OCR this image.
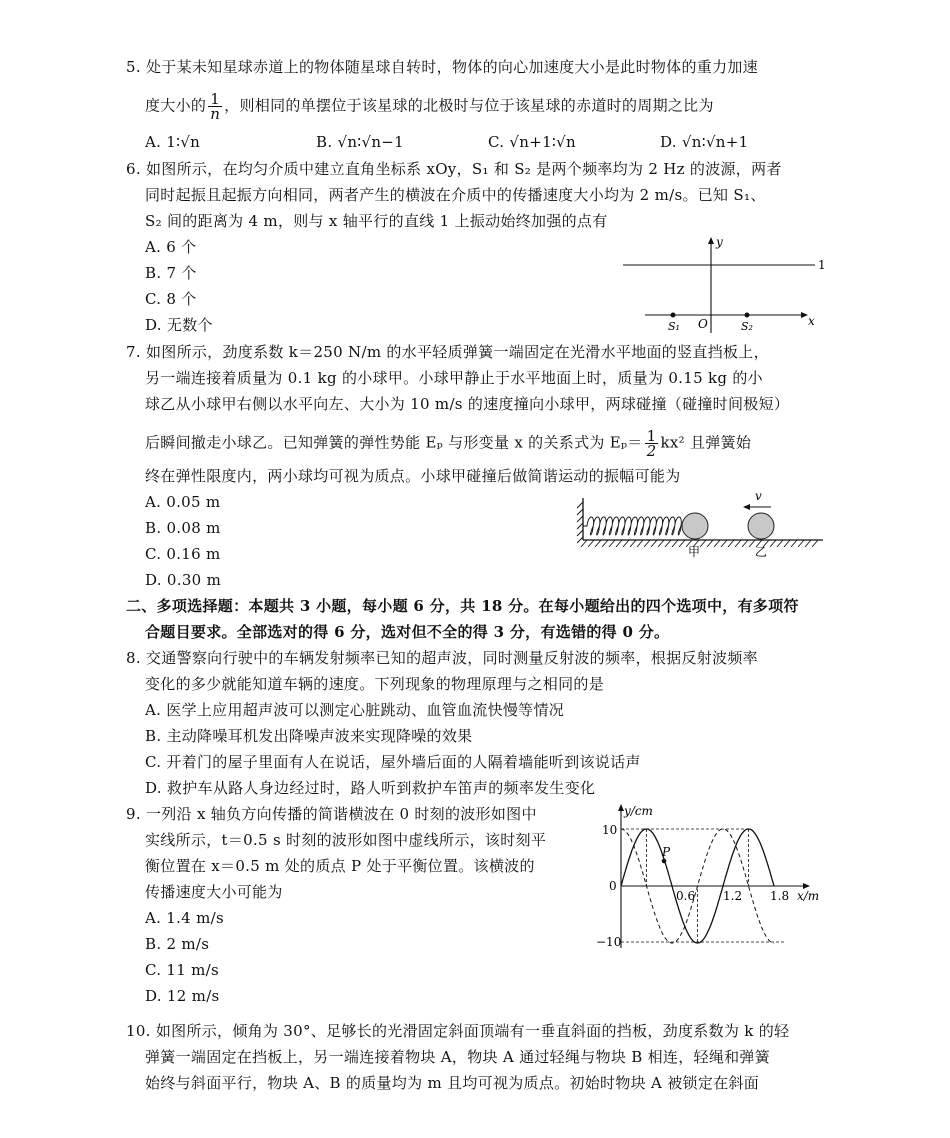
5. 处于某未知星球赤道上的物体随星球自转时，物体的向心加速度大小是此时物体的重力加速
度大小的 $\frac{1}{n}$ ，则相同的单摆位于该星球的北极时与位于该星球的赤道时的周期之比为
A. 1∶√n	B. √n∶√n−1	C. √n+1∶√n	D. √n∶√n+1
6. 如图所示，在均匀介质中建立直角坐标系 xOy，S₁ 和 S₂ 是两个频率均为 2 Hz 的波源，两者
同时起振且起振方向相同，两者产生的横波在介质中的传播速度大小均为 2 m/s。已知 S₁、
S₂ 间的距离为 4 m，则与 x 轴平行的直线 1 上振动始终加强的点有
A. 6 个
B. 7 个
C. 8 个
D. 无数个
y
1
x
S₁ O	S₂
7. 如图所示，劲度系数 k＝250 N/m 的水平轻质弹簧一端固定在光滑水平地面的竖直挡板上，
另一端连接着质量为 0.1 kg 的小球甲。小球甲静止于水平地面上时，质量为 0.15 kg 的小
球乙从小球甲右侧以水平向左、大小为 10 m/s 的速度撞向小球甲，两球碰撞（碰撞时间极短）
后瞬间撤走小球乙。已知弹簧的弹性势能 Eₚ 与形变量 x 的关系式为 $E_p= \frac{1}{2} kx^2$ 且弹簧始
终在弹性限度内，两小球均可视为质点。小球甲碰撞后做简谐运动的振幅可能为
A. 0.05 m
B. 0.08 m
C. 0.16 m
D. 0.30 m
v
甲	乙
二、多项选择题：本题共 3 小题，每小题 6 分，共 18 分。在每小题给出的四个选项中，有多项符
合题目要求。全部选对的得 6 分，选对但不全的得 3 分，有选错的得 0 分。
8. 交通警察向行驶中的车辆发射频率已知的超声波，同时测量反射波的频率，根据反射波频率
变化的多少就能知道车辆的速度。下列现象的物理原理与之相同的是
A. 医学上应用超声波可以测定心脏跳动、血管血流快慢等情况
B. 主动降噪耳机发出降噪声波来实现降噪的效果
C. 开着门的屋子里面有人在说话，屋外墙后面的人隔着墙能听到该说话声
D. 救护车从路人身边经过时，路人听到救护车笛声的频率发生变化
9. 一列沿 x 轴负方向传播的简谐横波在 0 时刻的波形如图中
实线所示，t＝0.5 s 时刻的波形如图中虚线所示，该时刻平
衡位置在 x＝0.5 m 处的质点 P 处于平衡位置。该横波的
传播速度大小可能为
A. 1.4 m/s
B. 2 m/s
C. 11 m/s
D. 12 m/s
y/cm
x/m
10
0
−10
P
0.6 1.2 1.8
10. 如图所示，倾角为 30°、足够长的光滑固定斜面顶端有一垂直斜面的挡板，劲度系数为 k 的轻
弹簧一端固定在挡板上，另一端连接着物块 A，物块 A 通过轻绳与物块 B 相连，轻绳和弹簧
始终与斜面平行，物块 A、B 的质量均为 m 且均可视为质点。初始时物块 A 被锁定在斜面
